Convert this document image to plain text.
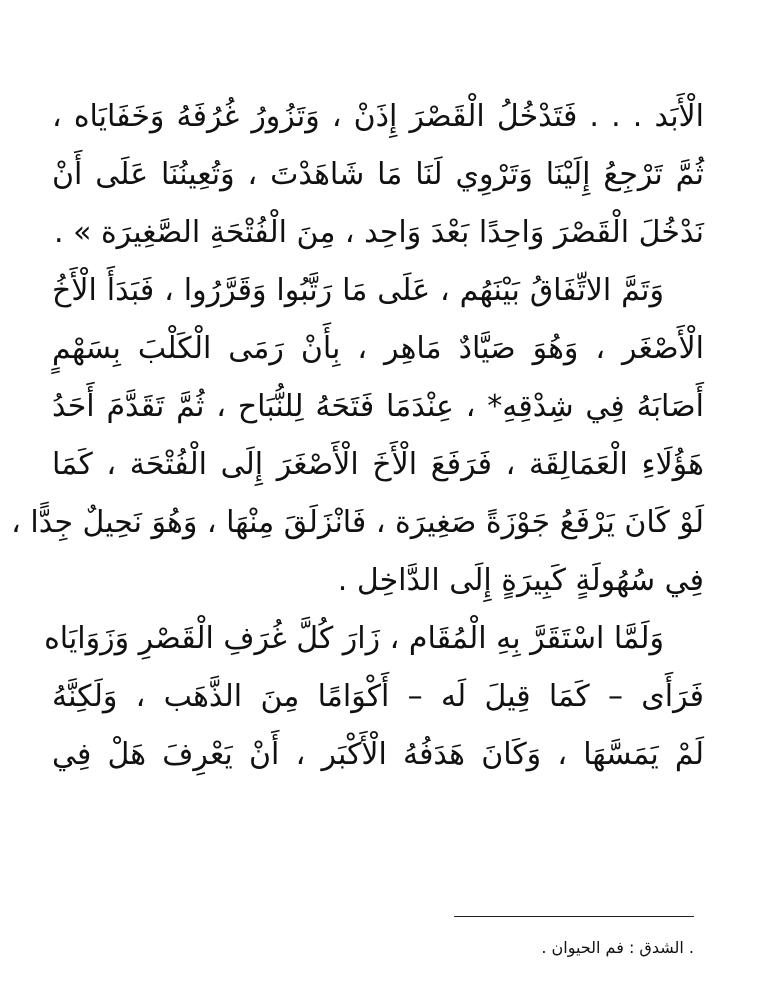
الْأَبَد . . . فَتَدْخُلُ الْقَصْرَ إِذَنْ ، وَتَزُورُ غُرُفَهُ وَخَفَايَاه ،
ثُمَّ تَرْجِعُ إِلَيْنَا وَتَرْوِي لَنَا مَا شَاهَدْتَ ، وَتُعِينُنَا عَلَى أَنْ
نَدْخُلَ الْقَصْرَ وَاحِدًا بَعْدَ وَاحِد ، مِنَ الْفُتْحَةِ الصَّغِيرَة » .
وَتَمَّ الاتِّفَاقُ بَيْنَهُم ، عَلَى مَا رَتَّبُوا وَقَرَّرُوا ، فَبَدَأَ الْأَخُ
الْأَصْغَر ، وَهُوَ صَيَّادٌ مَاهِر ، بِأَنْ رَمَى الْكَلْبَ بِسَهْمٍ
أَصَابَهُ فِي شِدْقِهِ* ، عِنْدَمَا فَتَحَهُ لِلنُّبَاح ، ثُمَّ تَقَدَّمَ أَحَدُ
هَؤُلَاءِ الْعَمَالِقَة ، فَرَفَعَ الْأَخَ الْأَصْغَرَ إِلَى الْفُتْحَة ، كَمَا
لَوْ كَانَ يَرْفَعُ جَوْزَةً صَغِيرَة ، فَانْزَلَقَ مِنْهَا ، وَهُوَ نَحِيلٌ جِدًّا ،
فِي سُهُولَةٍ كَبِيرَةٍ إِلَى الدَّاخِل .
وَلَمَّا اسْتَقَرَّ بِهِ الْمُقَام ، زَارَ كُلَّ غُرَفِ الْقَصْرِ وَزَوَايَاه
فَرَأَى – كَمَا قِيلَ لَه – أَكْوَامًا مِنَ الذَّهَب ، وَلَكِنَّهُ
لَمْ يَمَسَّهَا ، وَكَانَ هَدَفُهُ الْأَكْبَر ، أَنْ يَعْرِفَ هَلْ فِي
. الشدق : فم الحيوان .
